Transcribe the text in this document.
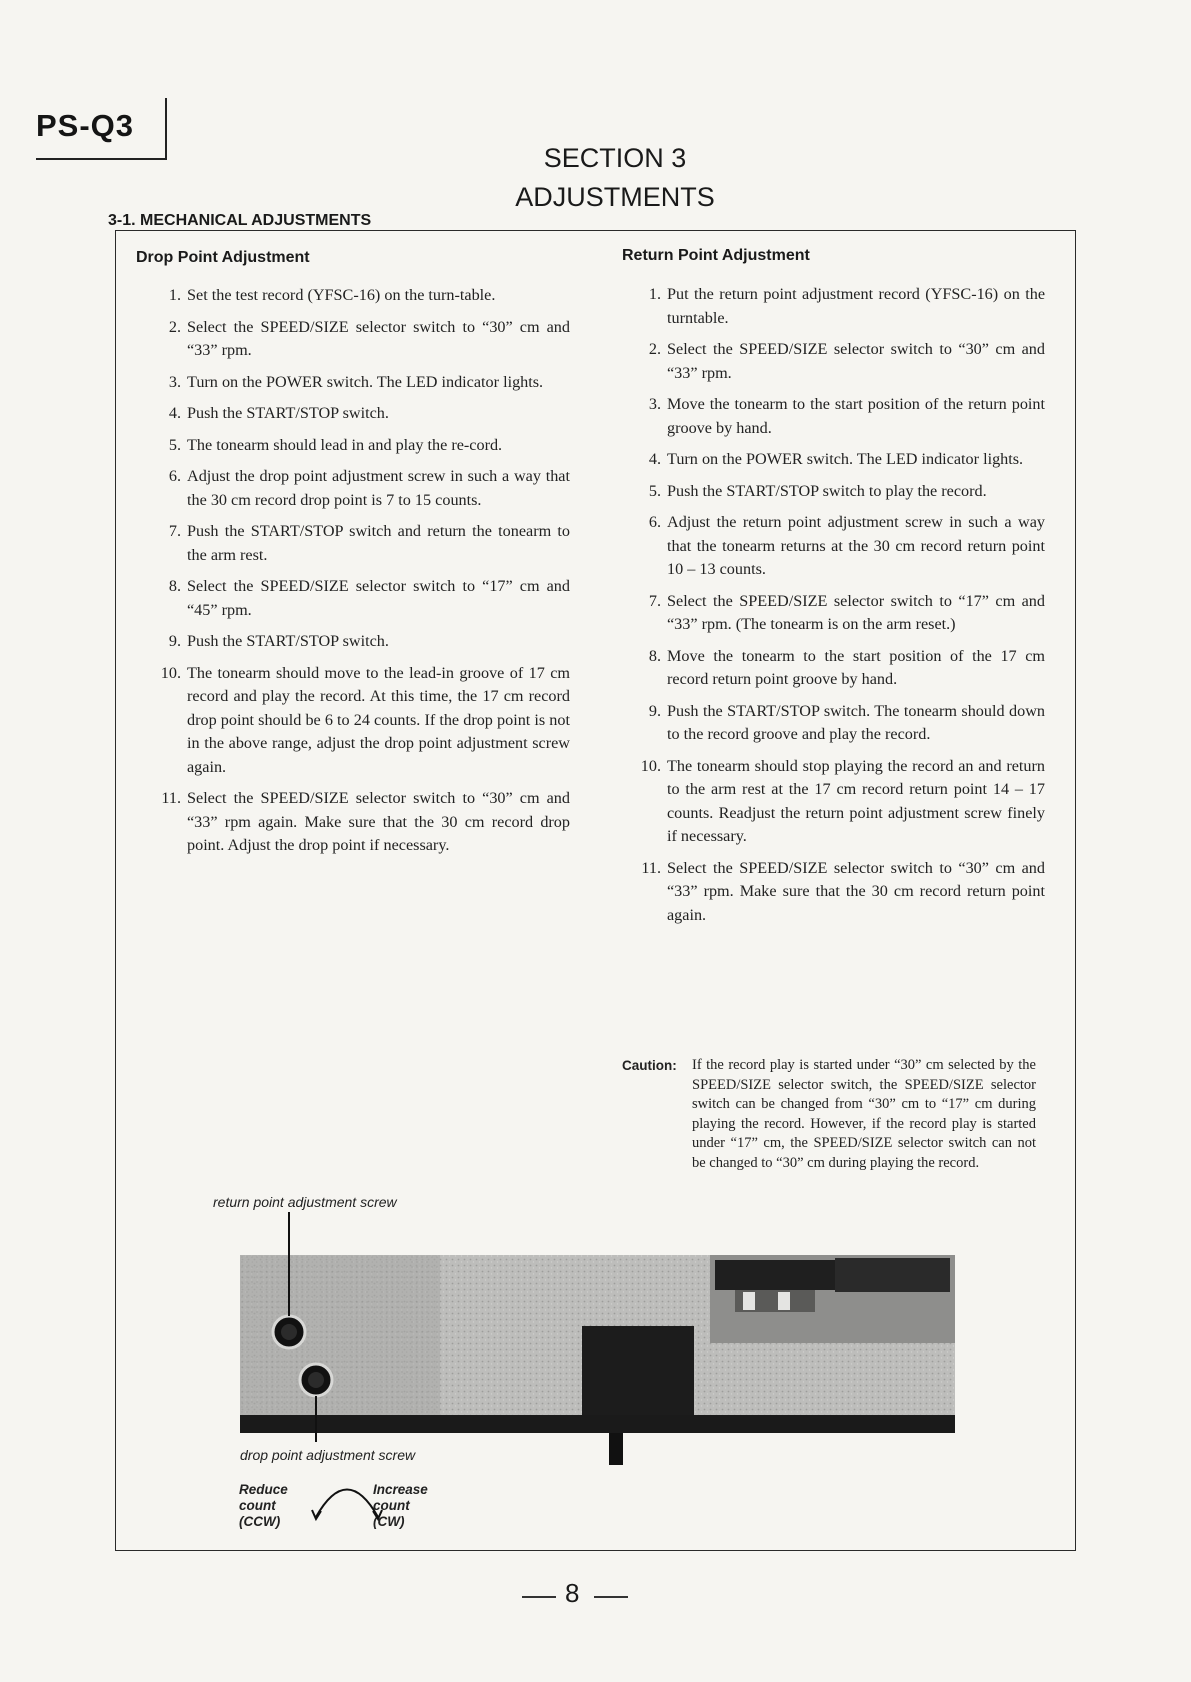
PS-Q3
SECTION 3
ADJUSTMENTS
3-1. MECHANICAL ADJUSTMENTS
Drop Point Adjustment
1. Set the test record (YFSC-16) on the turn-table.
2. Select the SPEED/SIZE selector switch to “30” cm and “33” rpm.
3. Turn on the POWER switch. The LED indicator lights.
4. Push the START/STOP switch.
5. The tonearm should lead in and play the re-cord.
6. Adjust the drop point adjustment screw in such a way that the 30 cm record drop point is 7 to 15 counts.
7. Push the START/STOP switch and return the tonearm to the arm rest.
8. Select the SPEED/SIZE selector switch to “17” cm and “45” rpm.
9. Push the START/STOP switch.
10. The tonearm should move to the lead-in groove of 17 cm record and play the record. At this time, the 17 cm record drop point should be 6 to 24 counts. If the drop point is not in the above range, adjust the drop point adjustment screw again.
11. Select the SPEED/SIZE selector switch to “30” cm and “33” rpm again. Make sure that the 30 cm record drop point. Adjust the drop point if necessary.
Return Point Adjustment
1. Put the return point adjustment record (YFSC-16) on the turntable.
2. Select the SPEED/SIZE selector switch to “30” cm and “33” rpm.
3. Move the tonearm to the start position of the return point groove by hand.
4. Turn on the POWER switch. The LED indicator lights.
5. Push the START/STOP switch to play the record.
6. Adjust the return point adjustment screw in such a way that the tonearm returns at the 30 cm record return point 10 – 13 counts.
7. Select the SPEED/SIZE selector switch to “17” cm and “33” rpm. (The tonearm is on the arm reset.)
8. Move the tonearm to the start position of the 17 cm record return point groove by hand.
9. Push the START/STOP switch. The tonearm should down to the record groove and play the record.
10. The tonearm should stop playing the record an and return to the arm rest at the 17 cm record return point 14 – 17 counts. Readjust the return point adjustment screw finely if necessary.
11. Select the SPEED/SIZE selector switch to “30” cm and “33” rpm. Make sure that the 30 cm record return point again.
Caution: If the record play is started under “30” cm selected by the SPEED/SIZE selector switch, the SPEED/SIZE selector switch can be changed from “30” cm to “17” cm during playing the record. However, if the record play is started under “17” cm, the SPEED/SIZE selector switch can not be changed to “30” cm during playing the record.
return point adjustment screw
drop point adjustment screw
Reduce
count
(CCW)
Increase
count
(CW)
8
